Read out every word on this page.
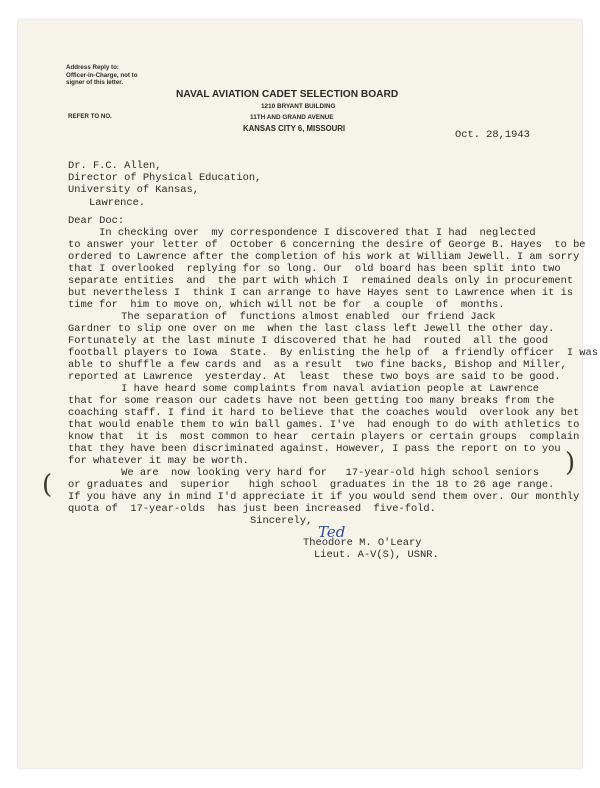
Address Reply to:
Officer-in-Charge, not to
signer of this letter.
REFER TO NO.
NAVAL AVIATION CADET SELECTION BOARD
1210 BRYANT BUILDING
11TH AND GRAND AVENUE
KANSAS CITY 6, MISSOURI
Oct. 28,1943
Dr. F.C. Allen,
Director of Physical Education,
University of Kansas,
Lawrence.
Dear Doc:
In checking over  my correspondence I discovered that I had  neglected
to answer your letter of  October 6 concerning the desire of George B. Hayes  to be
ordered to Lawrence after the completion of his work at William Jewell. I am sorry
that I overlooked  replying for so long. Our  old board has been split into two
separate entities  and  the part with which I  remained deals only in procurement
but nevertheless I  think I can arrange to have Hayes sent to Lawrence when it is
time for  him to move on, which will not be for  a couple  of  months.
The separation of  functions almost enabled  our friend Jack
Gardner to slip one over on me  when the last class left Jewell the other day.
Fortunately at the last minute I discovered that he had  routed  all the good
football players to Iowa  State.  By enlisting the help of  a friendly officer  I was
able to shuffle a few cards and  as a result  two fine backs, Bishop and Miller,
reported at Lawrence  yesterday. At  least  these two boys are said to be good.
I have heard some complaints from naval aviation people at Lawrence
that for some reason our cadets have not been getting too many breaks from the
coaching staff. I find it hard to believe that the coaches would  overlook any bet
that would enable them to win ball games. I've  had enough to do with athletics to
know that  it is  most common to hear  certain players or certain groups  complain
that they have been discriminated against. However, I pass the report on to you
for whatever it may be worth.
We are  now looking very hard for   17-year-old high school seniors
or graduates and  superior   high school  graduates in the 18 to 26 age range.
If you have any in mind I'd appreciate it if you would send them over. Our monthly
quota of  17-year-olds  has just been increased  five-fold.
(
)
Sincerely,
Ted
Theodore M. O'Leary
Lieut. A-V(S), USNR.
